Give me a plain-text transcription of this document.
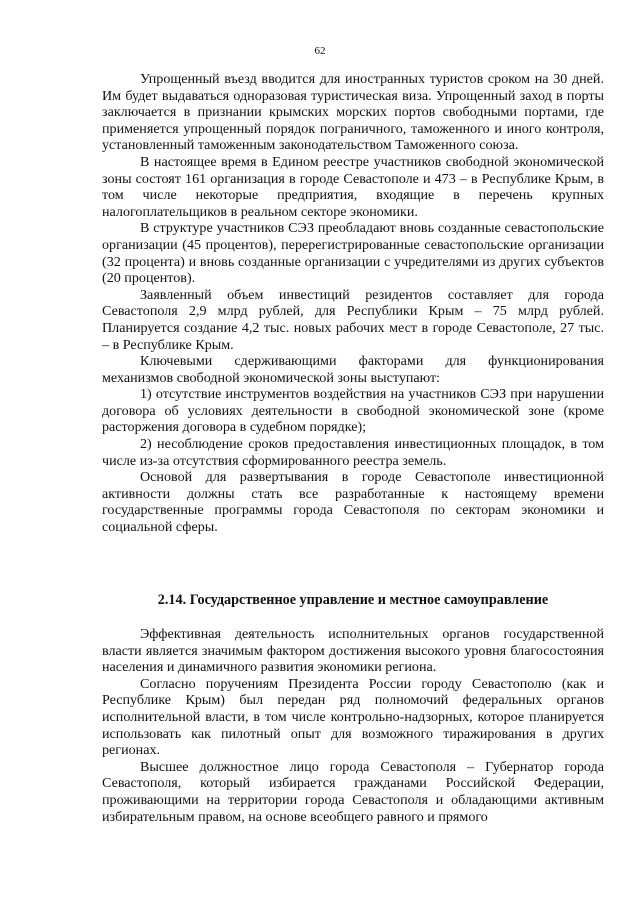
62

Упрощенный въезд вводится для иностранных туристов сроком на 30 дней. Им будет выдаваться одноразовая туристическая виза. Упрощенный заход в порты заключается в признании крымских морских портов свободными портами, где применяется упрощенный порядок пограничного, таможенного и иного контроля, установленный таможенным законодательством Таможенного союза.

В настоящее время в Едином реестре участников свободной экономической зоны состоят 161 организация в городе Севастополе и 473 – в Республике Крым, в том числе некоторые предприятия, входящие в перечень крупных налогоплательщиков в реальном секторе экономики.

В структуре участников СЭЗ преобладают вновь созданные севастопольские организации (45 процентов), перерегистрированные севастопольские организации (32 процента) и вновь созданные организации с учредителями из других субъектов (20 процентов).

Заявленный объем инвестиций резидентов составляет для города Севастополя 2,9 млрд рублей, для Республики Крым – 75 млрд рублей. Планируется создание 4,2 тыс. новых рабочих мест в городе Севастополе, 27 тыс. – в Республике Крым.

Ключевыми сдерживающими факторами для функционирования механизмов свободной экономической зоны выступают:

1) отсутствие инструментов воздействия на участников СЭЗ при нарушении договора об условиях деятельности в свободной экономической зоне (кроме расторжения договора в судебном порядке);

2) несоблюдение сроков предоставления инвестиционных площадок, в том числе из-за отсутствия сформированного реестра земель.

Основой для развертывания в городе Севастополе инвестиционной активности должны стать все разработанные к настоящему времени государственные программы города Севастополя по секторам экономики и социальной сферы.

2.14. Государственное управление и местное самоуправление

Эффективная деятельность исполнительных органов государственной власти является значимым фактором достижения высокого уровня благосостояния населения и динамичного развития экономики региона.

Согласно поручениям Президента России городу Севастополю (как и Республике Крым) был передан ряд полномочий федеральных органов исполнительной власти, в том числе контрольно-надзорных, которое планируется использовать как пилотный опыт для возможного тиражирования в других регионах.

Высшее должностное лицо города Севастополя – Губернатор города Севастополя, который избирается гражданами Российской Федерации, проживающими на территории города Севастополя и обладающими активным избирательным правом, на основе всеобщего равного и прямого
